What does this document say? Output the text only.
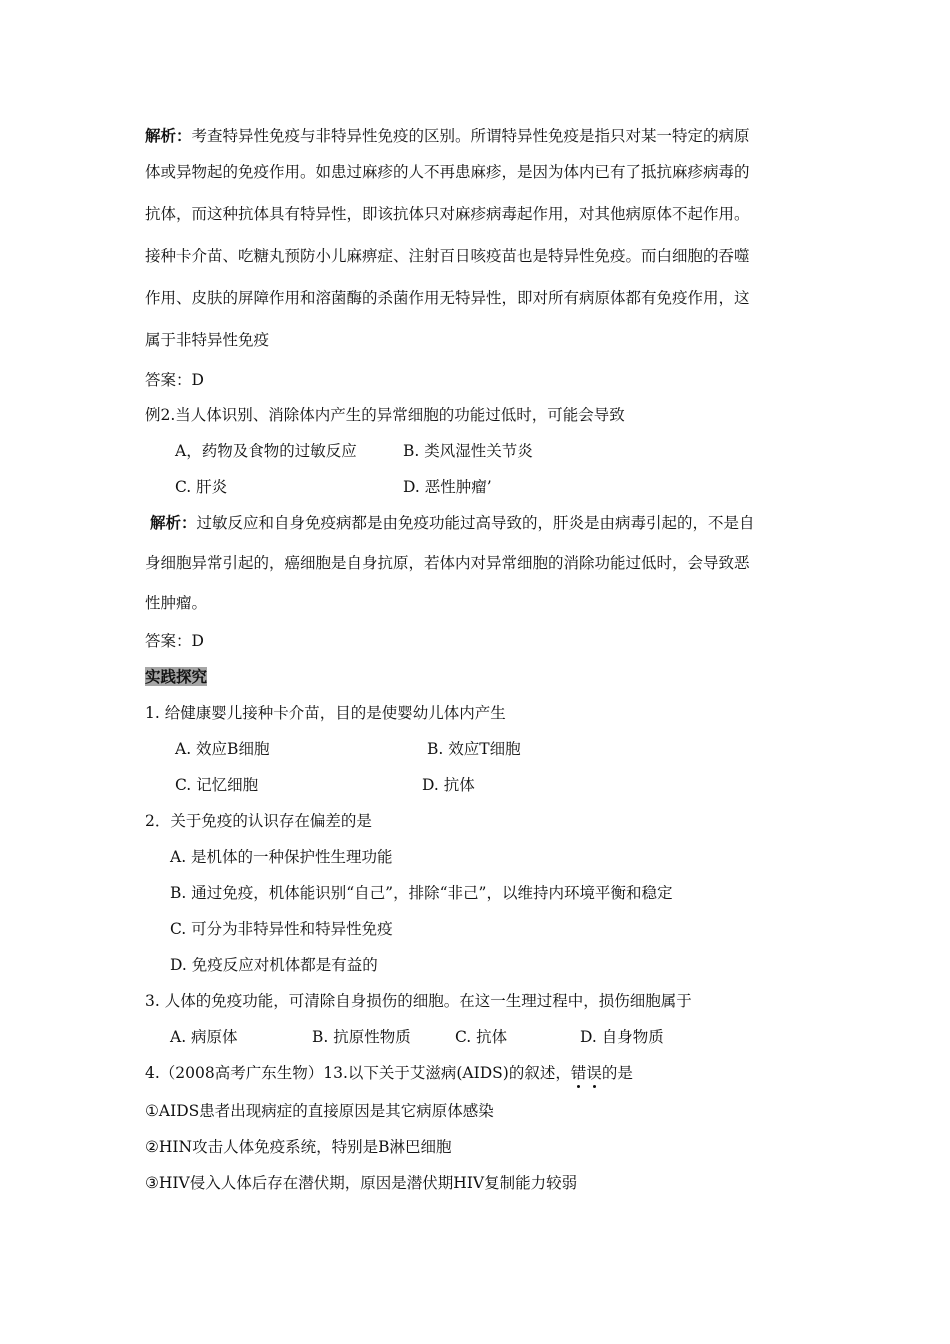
解析：考查特异性免疫与非特异性免疫的区别。所谓特异性免疫是指只对某一特定的病原
体或异物起的免疫作用。如患过麻疹的人不再患麻疹，是因为体内已有了抵抗麻疹病毒的
抗体，而这种抗体具有特异性，即该抗体只对麻疹病毒起作用，对其他病原体不起作用。
接种卡介苗、吃糖丸预防小儿麻痹症、注射百日咳疫苗也是特异性免疫。而白细胞的吞噬
作用、皮肤的屏障作用和溶菌酶的杀菌作用无特异性，即对所有病原体都有免疫作用，这
属于非特异性免疫
答案：D
例2.当人体识别、消除体内产生的异常细胞的功能过低时，可能会导致
A，药物及食物的过敏反应	B. 类风湿性关节炎
C. 肝炎	D. 恶性肿瘤’
解析：过敏反应和自身免疫病都是由免疫功能过高导致的，肝炎是由病毒引起的，不是自
身细胞异常引起的，癌细胞是自身抗原，若体内对异常细胞的消除功能过低时，会导致恶
性肿瘤。
答案：D
实践探究
1. 给健康婴儿接种卡介苗，目的是使婴幼儿体内产生
A. 效应B细胞	B. 效应T细胞
C. 记忆细胞	D. 抗体
2．关于免疫的认识存在偏差的是
A. 是机体的一种保护性生理功能
B. 通过免疫，机体能识别“自己”，排除“非己”，以维持内环境平衡和稳定
C. 可分为非特异性和特异性免疫
D. 免疫反应对机体都是有益的
3. 人体的免疫功能，可清除自身损伤的细胞。在这一生理过程中，损伤细胞属于
A. 病原体	B. 抗原性物质	C. 抗体	D. 自身物质
4.（2008高考广东生物）13.以下关于艾滋病(AIDS)的叙述，错误的是
①AIDS患者出现病症的直接原因是其它病原体感染
②HIN攻击人体免疫系统，特别是B淋巴细胞
③HIV侵入人体后存在潜伏期，原因是潜伏期HIV复制能力较弱
